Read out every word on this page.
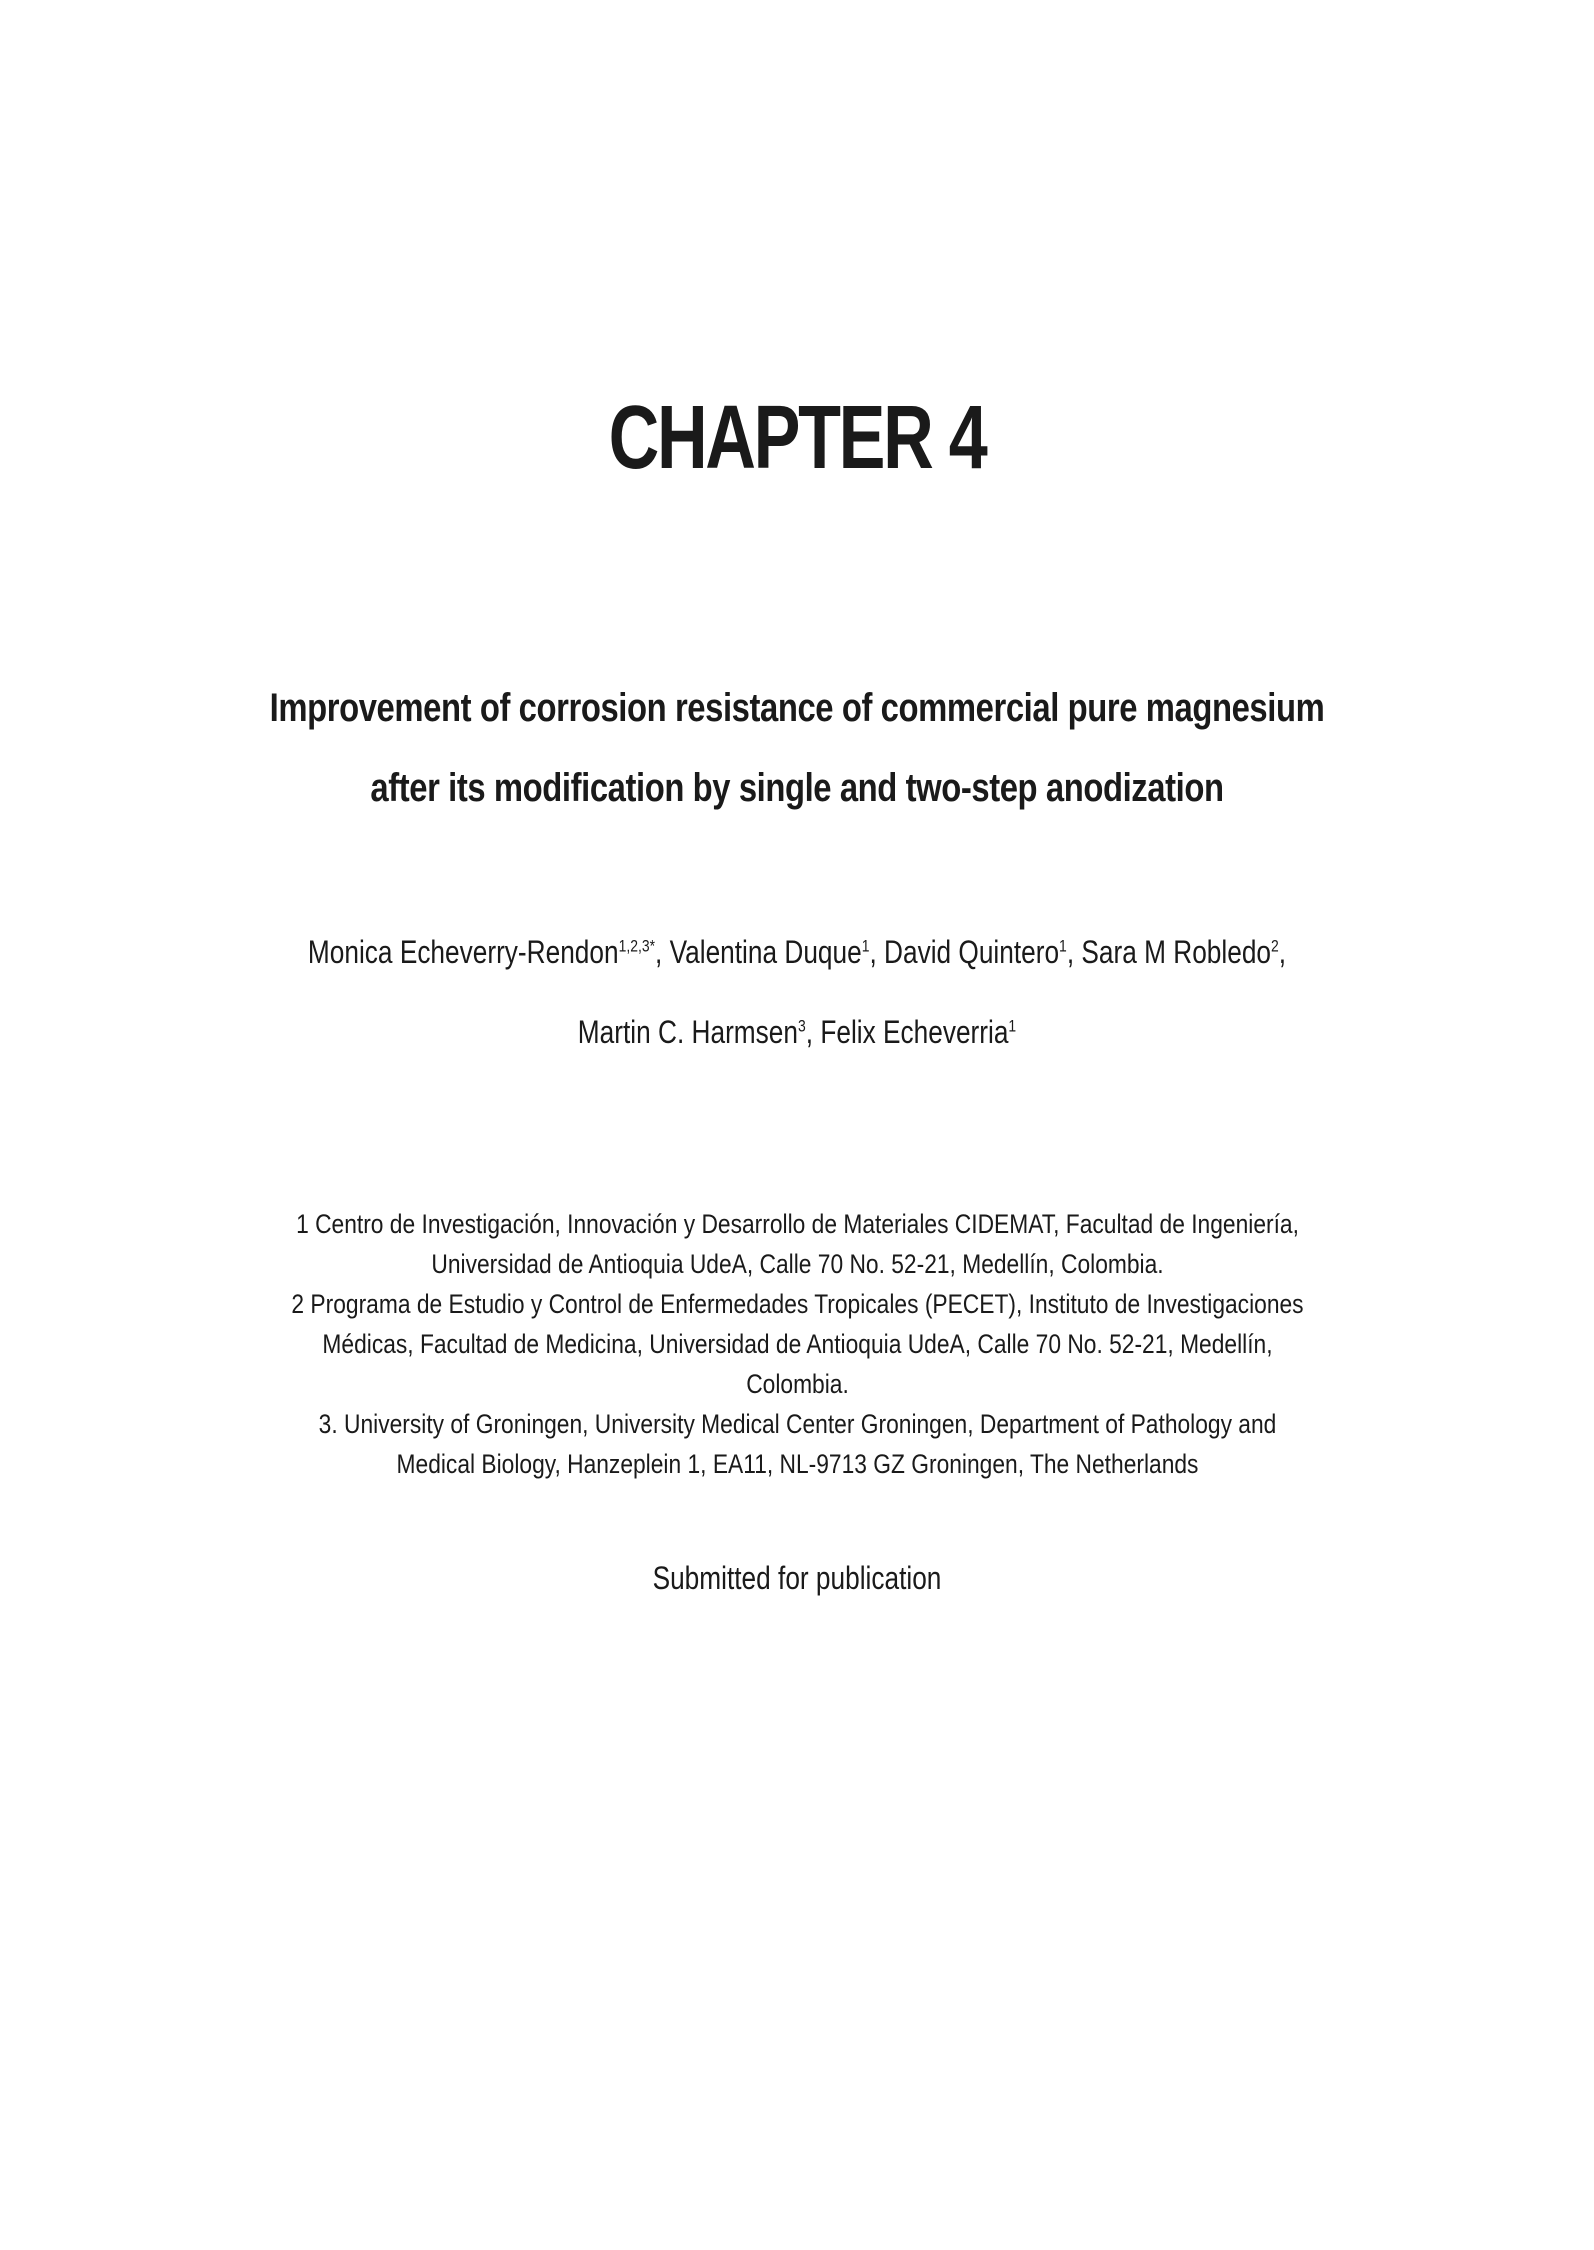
CHAPTER 4
Improvement of corrosion resistance of commercial pure magnesium
after its modification by single and two-step anodization
Monica Echeverry-Rendon$^{1,2,3*}$, Valentina Duque$^1$, David Quintero$^1$, Sara M Robledo$^2$,
Martin C. Harmsen$^3$, Felix Echeverria$^1$
1 Centro de Investigación, Innovación y Desarrollo de Materiales CIDEMAT, Facultad de Ingeniería, Universidad de Antioquia UdeA, Calle 70 No. 52-21, Medellín, Colombia.
2 Programa de Estudio y Control de Enfermedades Tropicales (PECET), Instituto de Investigaciones Médicas, Facultad de Medicina, Universidad de Antioquia UdeA, Calle 70 No. 52-21, Medellín, Colombia.
3. University of Groningen, University Medical Center Groningen, Department of Pathology and Medical Biology, Hanzeplein 1, EA11, NL-9713 GZ Groningen, The Netherlands
Submitted for publication
